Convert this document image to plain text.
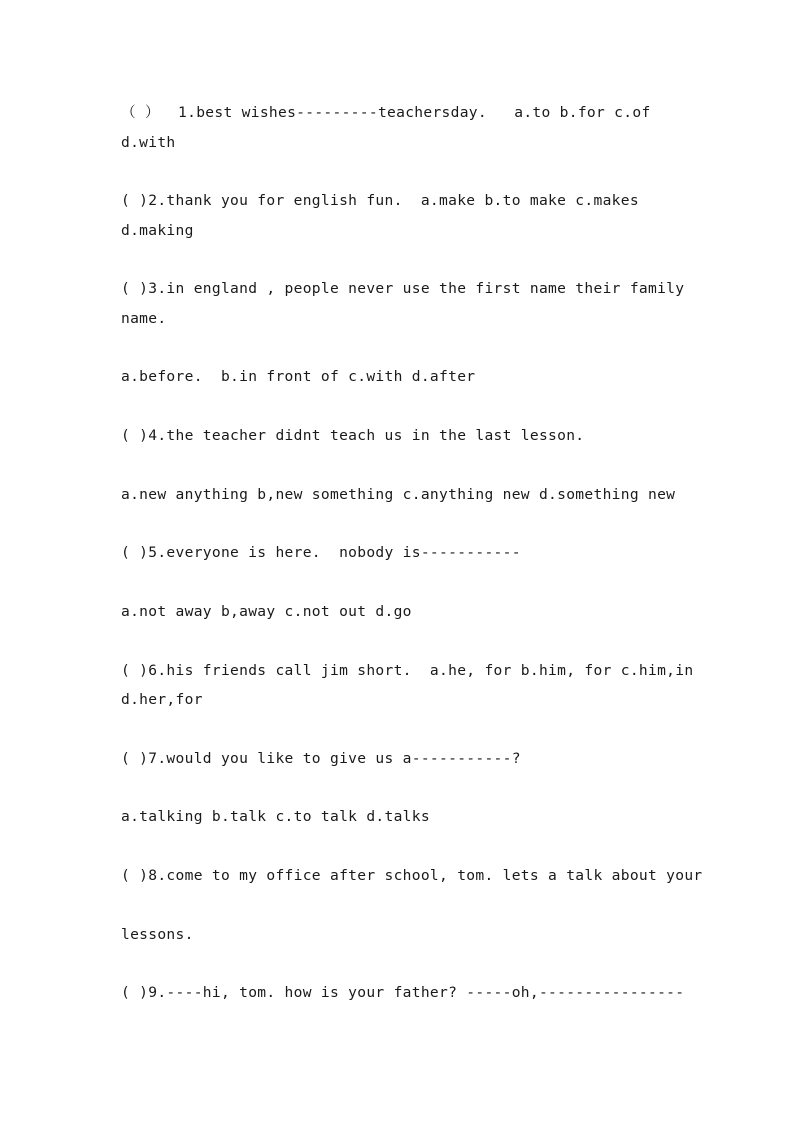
（ ）  1.best wishes---------teachersday.   a.to b.for c.of
d.with
( )2.thank you for english fun.  a.make b.to make c.makes
d.making
( )3.in england , people never use the first name their family
name.
a.before.  b.in front of c.with d.after
( )4.the teacher didnt teach us in the last lesson.
a.new anything b,new something c.anything new d.something new
( )5.everyone is here.  nobody is-----------
a.not away b,away c.not out d.go
( )6.his friends call jim short.  a.he, for b.him, for c.him,in
d.her,for
( )7.would you like to give us a-----------?
a.talking b.talk c.to talk d.talks
( )8.come to my office after school, tom. lets a talk about your
lessons.
( )9.----hi, tom. how is your father? -----oh,----------------
